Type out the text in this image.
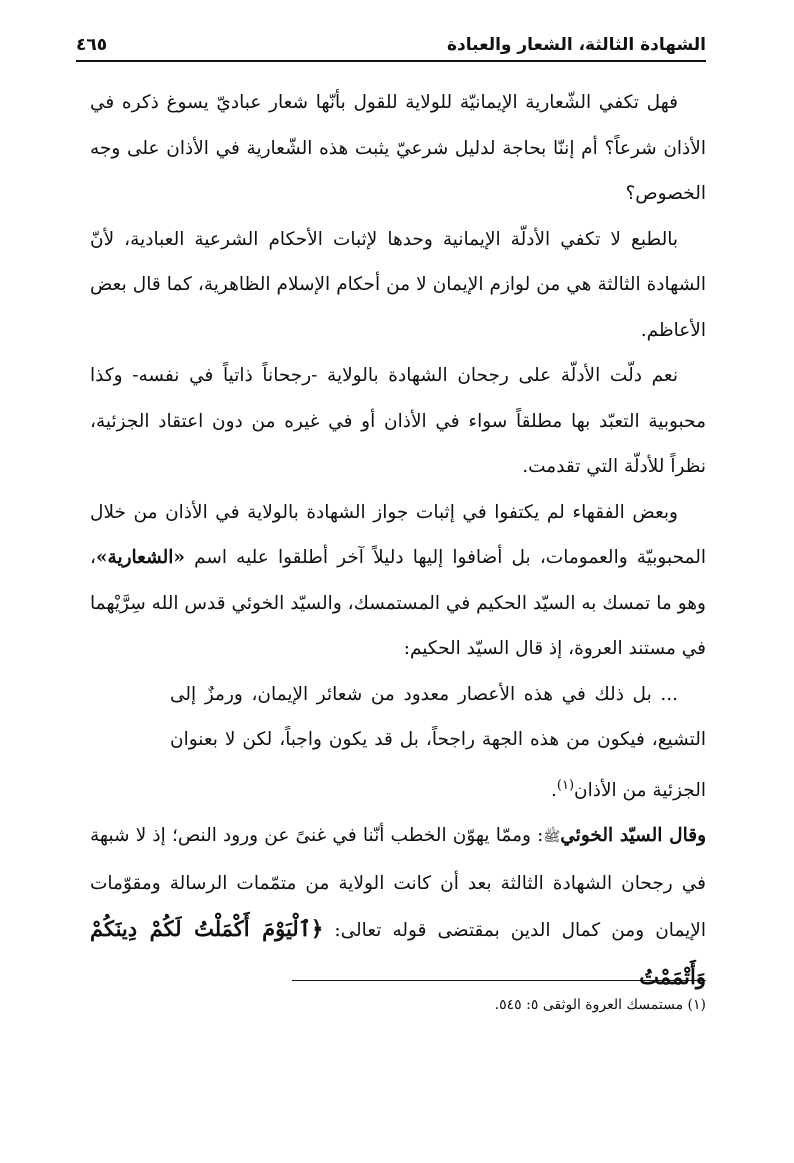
الشهادة الثالثة، الشعار والعبادة
٤٦٥

فهل تكفي الشّعارية الإيمانيّة للولاية للقول بأنّها شعار عباديّ يسوغ ذكره في الأذان شرعاً؟ أم إننّا بحاجة لدليل شرعيّ يثبت هذه الشّعارية في الأذان على وجه الخصوص؟

بالطبع لا تكفي الأدلّة الإيمانية وحدها لإثبات الأحكام الشرعية العبادية، لأنّ الشهادة الثالثة هي من لوازم الإيمان لا من أحكام الإسلام الظاهرية، كما قال بعض الأعاظم.

نعم دلّت الأدلّة على رجحان الشهادة بالولاية -رجحاناً ذاتياً في نفسه- وكذا محبوبية التعبّد بها مطلقاً سواء في الأذان أو في غيره من دون اعتقاد الجزئية، نظراً للأدلّة التي تقدمت.

وبعض الفقهاء لم يكتفوا في إثبات جواز الشهادة بالولاية في الأذان من خلال المحبوبيّة والعمومات، بل أضافوا إليها دليلاً آخر أطلقوا عليه اسم «الشعارية»، وهو ما تمسك به السيّد الحكيم في المستمسك، والسيّد الخوئي قدس الله سِرَّيْهما في مستند العروة، إذ قال السيّد الحكيم:

... بل ذلك في هذه الأعصار معدود من شعائر الإيمان، ورمزٌ إلى التشيع، فيكون من هذه الجهة راجحاً، بل قد يكون واجباً، لكن لا بعنوان الجزئية من الأذان$^{(١)}$.

وقال السيّد الخوئيﷺ: وممّا يهوّن الخطب أنّنا في غنىً عن ورود النص؛ إذ لا شبهة في رجحان الشهادة الثالثة بعد أن كانت الولاية من متمّمات الرسالة ومقوّمات الإيمان ومن كمال الدين بمقتضى قوله تعالى: ﴿ٱلْيَوْمَ أَكْمَلْتُ لَكُمْ دِينَكُمْ وَأَتْمَمْتُ

(١) مستمسك العروة الوثقى ٥: ٥٤٥.
